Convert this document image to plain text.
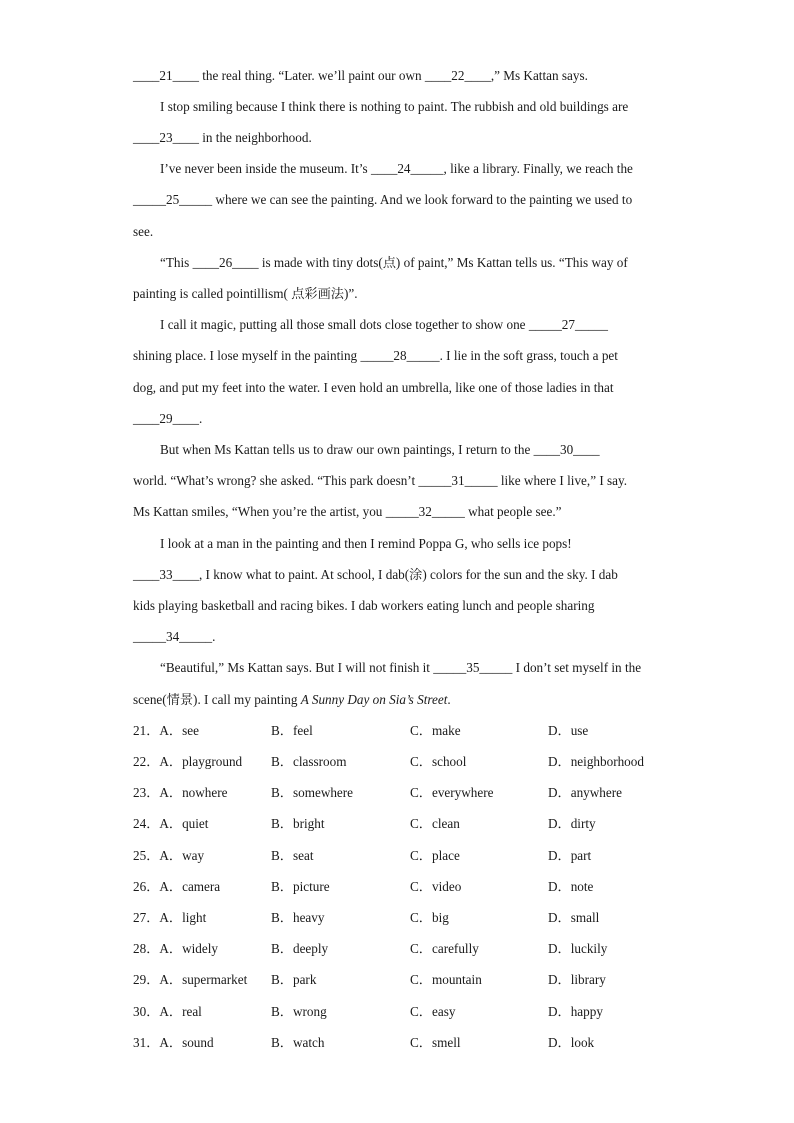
____21____ the real thing. “Later. we’ll paint our own ____22____,” Ms Kattan says.
I stop smiling because I think there is nothing to paint. The rubbish and old buildings are
____23____ in the neighborhood.
I’ve never been inside the museum. It’s ____24_____, like a library. Finally, we reach the
_____25_____ where we can see the painting. And we look forward to the painting we used to
see.
“This ____26____ is made with tiny dots(点) of paint,” Ms Kattan tells us. “This way of
painting is called pointillism( 点彩画法)”.
I call it magic, putting all those small dots close together to show one _____27_____
shining place. I lose myself in the painting _____28_____. I lie in the soft grass, touch a pet
dog, and put my feet into the water. I even hold an umbrella, like one of those ladies in that
____29____.
But when Ms Kattan tells us to draw our own paintings, I return to the ____30____
world. “What’s wrong? she asked. “This park doesn’t _____31_____ like where I live,” I say.
Ms Kattan smiles, “When you’re the artist, you _____32_____ what people see.”
I look at a man in the painting and then I remind Poppa G, who sells ice pops!
____33____, I know what to paint. At school, I dab(涂) colors for the sun and the sky. I dab
kids playing basketball and racing bikes. I dab workers eating lunch and people sharing
_____34_____.
“Beautiful,” Ms Kattan says. But I will not finish it _____35_____ I don’t set myself in the
scene(情景). I call my painting A Sunny Day on Sia’s Street.
21．A．see	B．feel	C．make	D．use
22．A．playground B．classroom	C．school	D．neighborhood
23．A．nowhere	B．somewhere	C．everywhere	D．anywhere
24．A．quiet	B．bright	C．clean	D．dirty
25．A．way	B．seat	C．place	D．part
26．A．camera	B．picture	C．video	D．note
27．A．light	B．heavy	C．big	D．small
28．A．widely	B．deeply	C．carefully	D．luckily
29．A．supermarket B．park	C．mountain	D．library
30．A．real	B．wrong	C．easy	D．happy
31．A．sound	B．watch	C．smell	D．look
